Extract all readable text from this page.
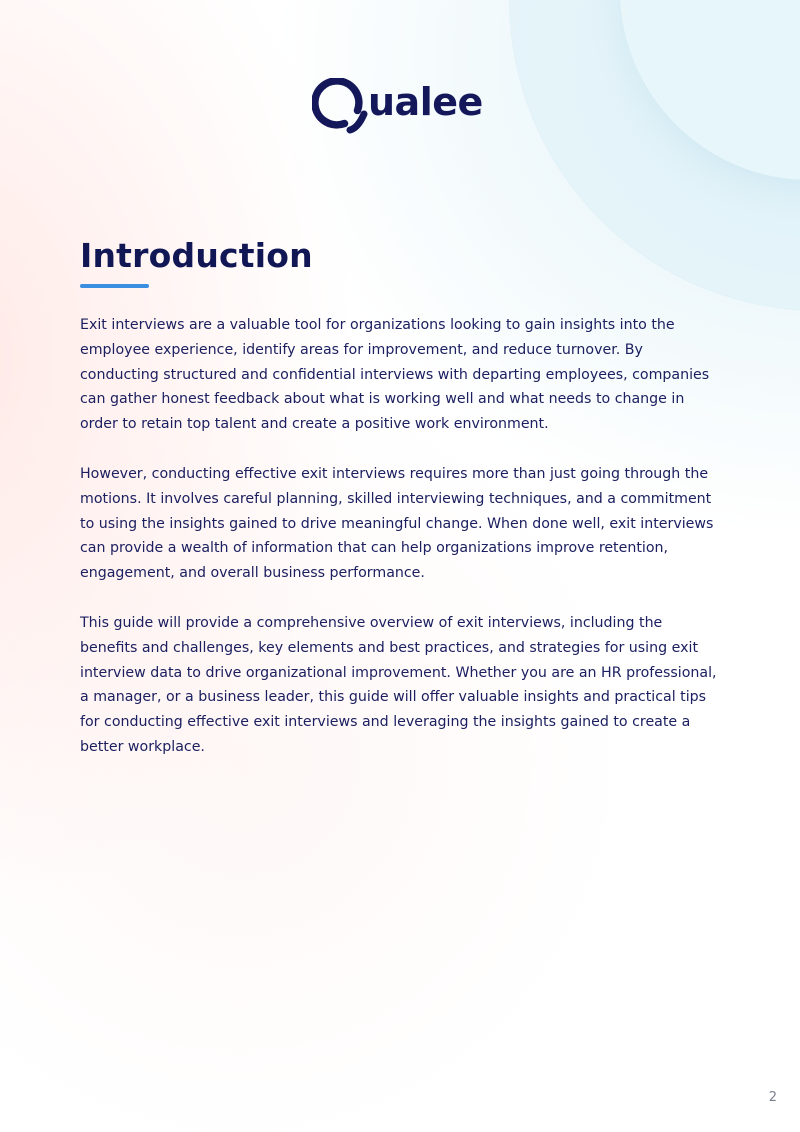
ualee
Introduction

Exit interviews are a valuable tool for organizations looking to gain insights into the employee experience, identify areas for improvement, and reduce turnover. By conducting structured and confidential interviews with departing employees, companies can gather honest feedback about what is working well and what needs to change in order to retain top talent and create a positive work environment.

However, conducting effective exit interviews requires more than just going through the motions. It involves careful planning, skilled interviewing techniques, and a commitment to using the insights gained to drive meaningful change. When done well, exit interviews can provide a wealth of information that can help organizations improve retention, engagement, and overall business performance.

This guide will provide a comprehensive overview of exit interviews, including the benefits and challenges, key elements and best practices, and strategies for using exit interview data to drive organizational improvement. Whether you are an HR professional, a manager, or a business leader, this guide will offer valuable insights and practical tips for conducting effective exit interviews and leveraging the insights gained to create a better workplace.

2
